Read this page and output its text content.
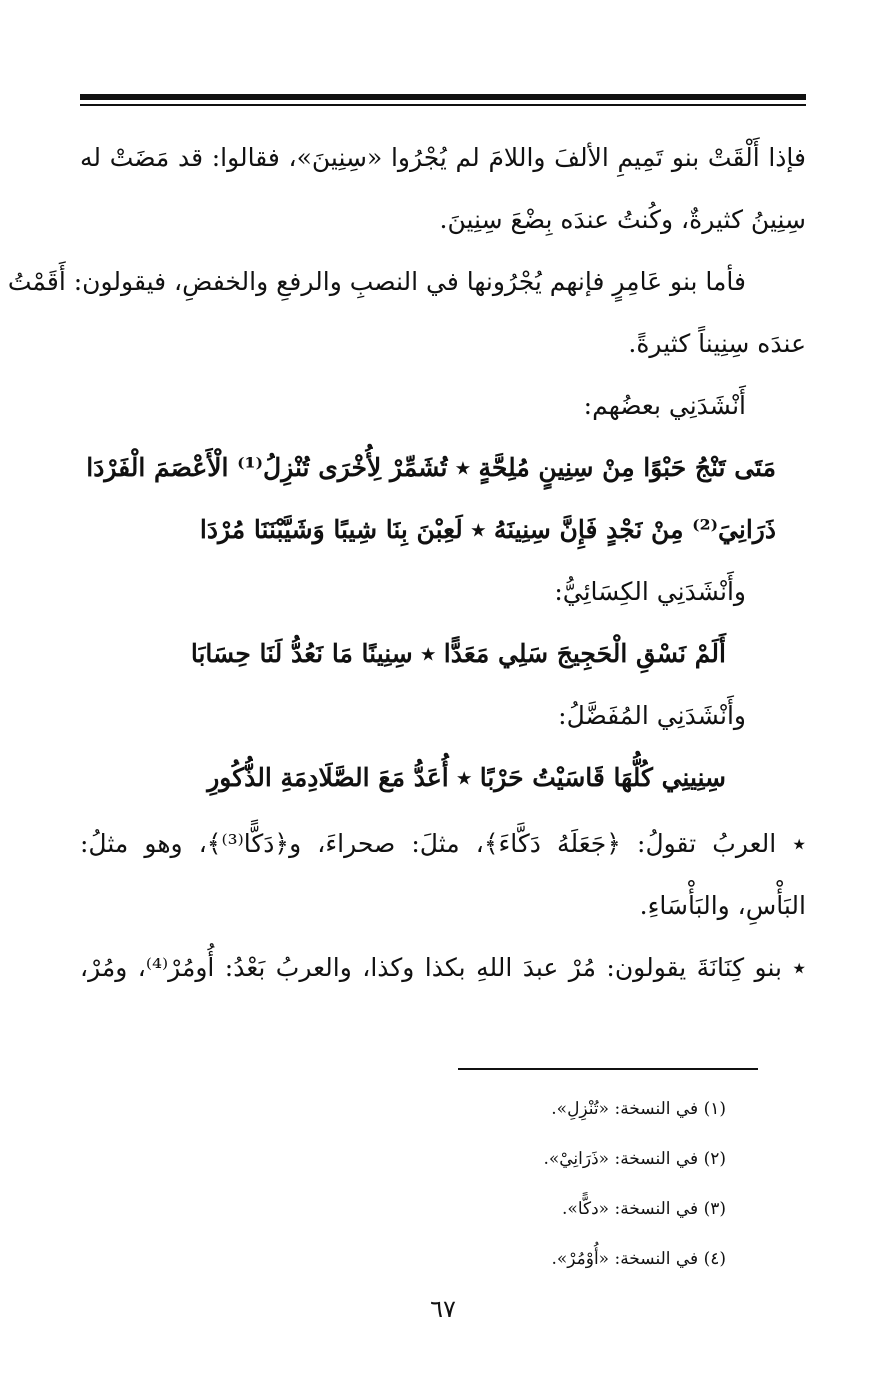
فإذا أَلْقَتْ بنو تَمِيمِ الألفَ واللامَ لم يُجْرُوا «سِنِينَ»، فقالوا: قد مَضَتْ له
سِنِينُ كثيرةٌ، وكُنتُ عندَه بِضْعَ سِنِينَ.
فأما بنو عَامِرٍ فإنهم يُجْرُونها في النصبِ والرفعِ والخفضِ، فيقولون: أَقَمْتُ
عندَه سِنِيناً كثيرةً.
أَنْشَدَنِي بعضُهم:
مَتَى تَنْجُ حَبْوًا مِنْ سِنِينٍ مُلِحَّةٍ ٭ تُشَمِّرْ لِأُخْرَى تُنْزِلُ⁽¹⁾ الْأَعْصَمَ الْفَرْدَا
ذَرَانِيَ⁽²⁾ مِنْ نَجْدٍ فَإِنَّ سِنِينَهُ ٭ لَعِبْنَ بِنَا شِيبًا وَشَيَّبْنَنَا مُرْدَا
وأَنْشَدَنِي الكِسَائِيُّ:
أَلَمْ نَسْقِ الْحَجِيجَ سَلِي مَعَدًّا ٭ سِنِينًا مَا نَعُدُّ لَنَا حِسَابَا
وأَنْشَدَنِي المُفَضَّلُ:
سِنِينِي كُلُّهَا قَاسَيْتُ حَرْبًا ٭ أُعَدُّ مَعَ الصَّلَادِمَةِ الذُّكُورِ
٭ العربُ تقولُ: ﴿جَعَلَهُ دَكَّاءَ﴾، مثلَ: صحراءَ، و﴿دَكًّا⁽³⁾﴾، وهو مثلُ:
البَأْسِ، والبَأْسَاءِ.
٭ بنو كِنَانَةَ يقولون: مُرْ عبدَ اللهِ بكذا وكذا، والعربُ بَعْدُ: أُومُرْ⁽⁴⁾، ومُرْ،
(١) في النسخة: «تُنْزِلِ».
(٢) في النسخة: «ذَرَانِيْ».
(٣) في النسخة: «دكًّا».
(٤) في النسخة: «أُوْمُرْ».
٦٧
